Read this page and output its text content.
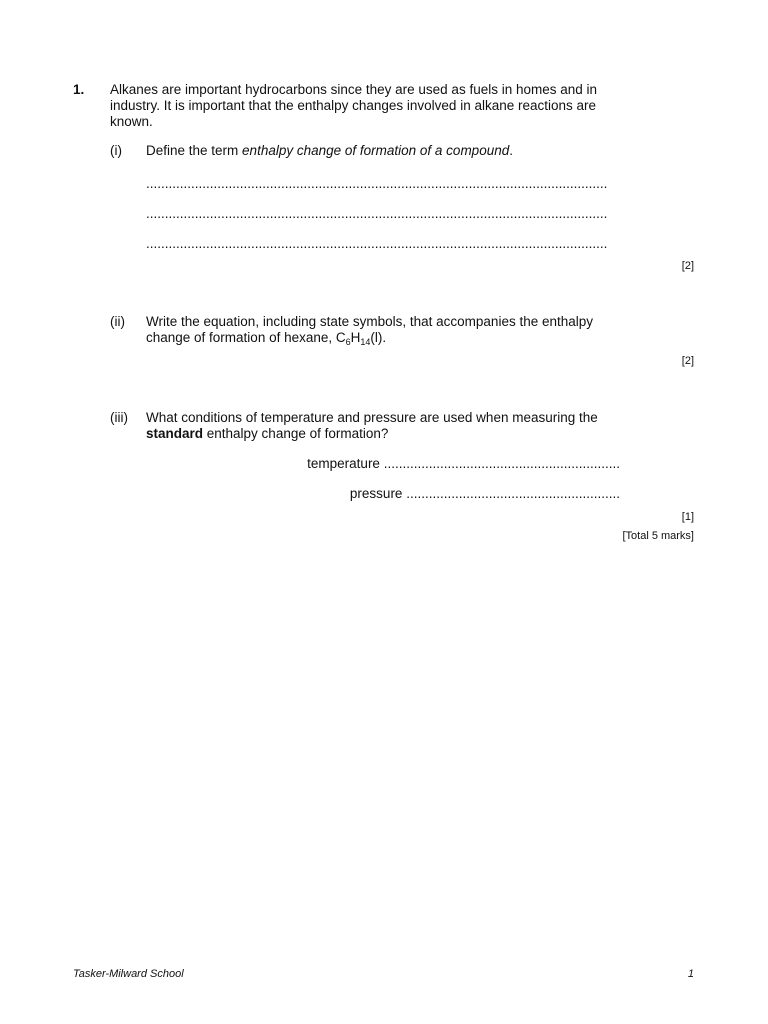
1. Alkanes are important hydrocarbons since they are used as fuels in homes and in
industry. It is important that the enthalpy changes involved in alkane reactions are
known.
(i) Define the term enthalpy change of formation of a compound.
...........................................................................................................................
...........................................................................................................................
...........................................................................................................................
[2]
(ii) Write the equation, including state symbols, that accompanies the enthalpy
change of formation of hexane, $C_6H_{14}(l)$.
[2]
(iii) What conditions of temperature and pressure are used when measuring the
standard enthalpy change of formation?
temperature ...............................................................
pressure .........................................................
[1]
[Total 5 marks]
Tasker-Milward School	1
